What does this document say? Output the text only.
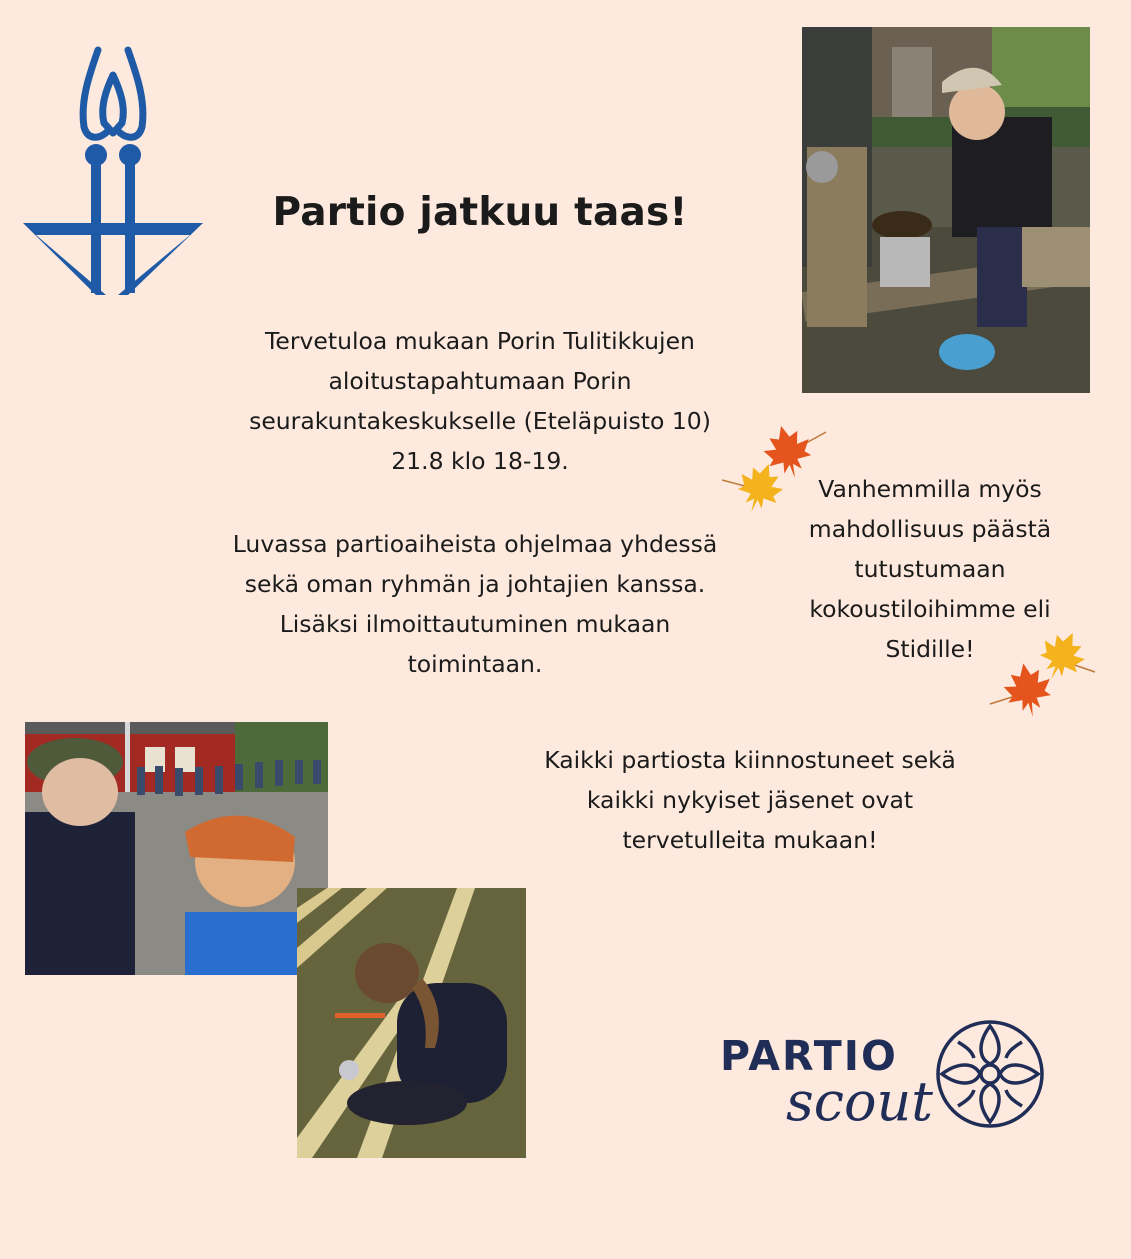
Partio jatkuu taas!
Tervetuloa mukaan Porin Tulitikkujen
aloitustapahtumaan Porin
seurakuntakeskukselle (Eteläpuisto 10)
21.8 klo 18-19.
Luvassa partioaiheista ohjelmaa yhdessä
sekä oman ryhmän ja johtajien kanssa.
Lisäksi ilmoittautuminen mukaan
toimintaan.
Vanhemmilla myös
mahdollisuus päästä
tutustumaan
kokoustiloihimme eli
Stidille!
Kaikki partiosta kiinnostuneet sekä
kaikki nykyiset jäsenet ovat
tervetulleita mukaan!
PARTIO
scout
